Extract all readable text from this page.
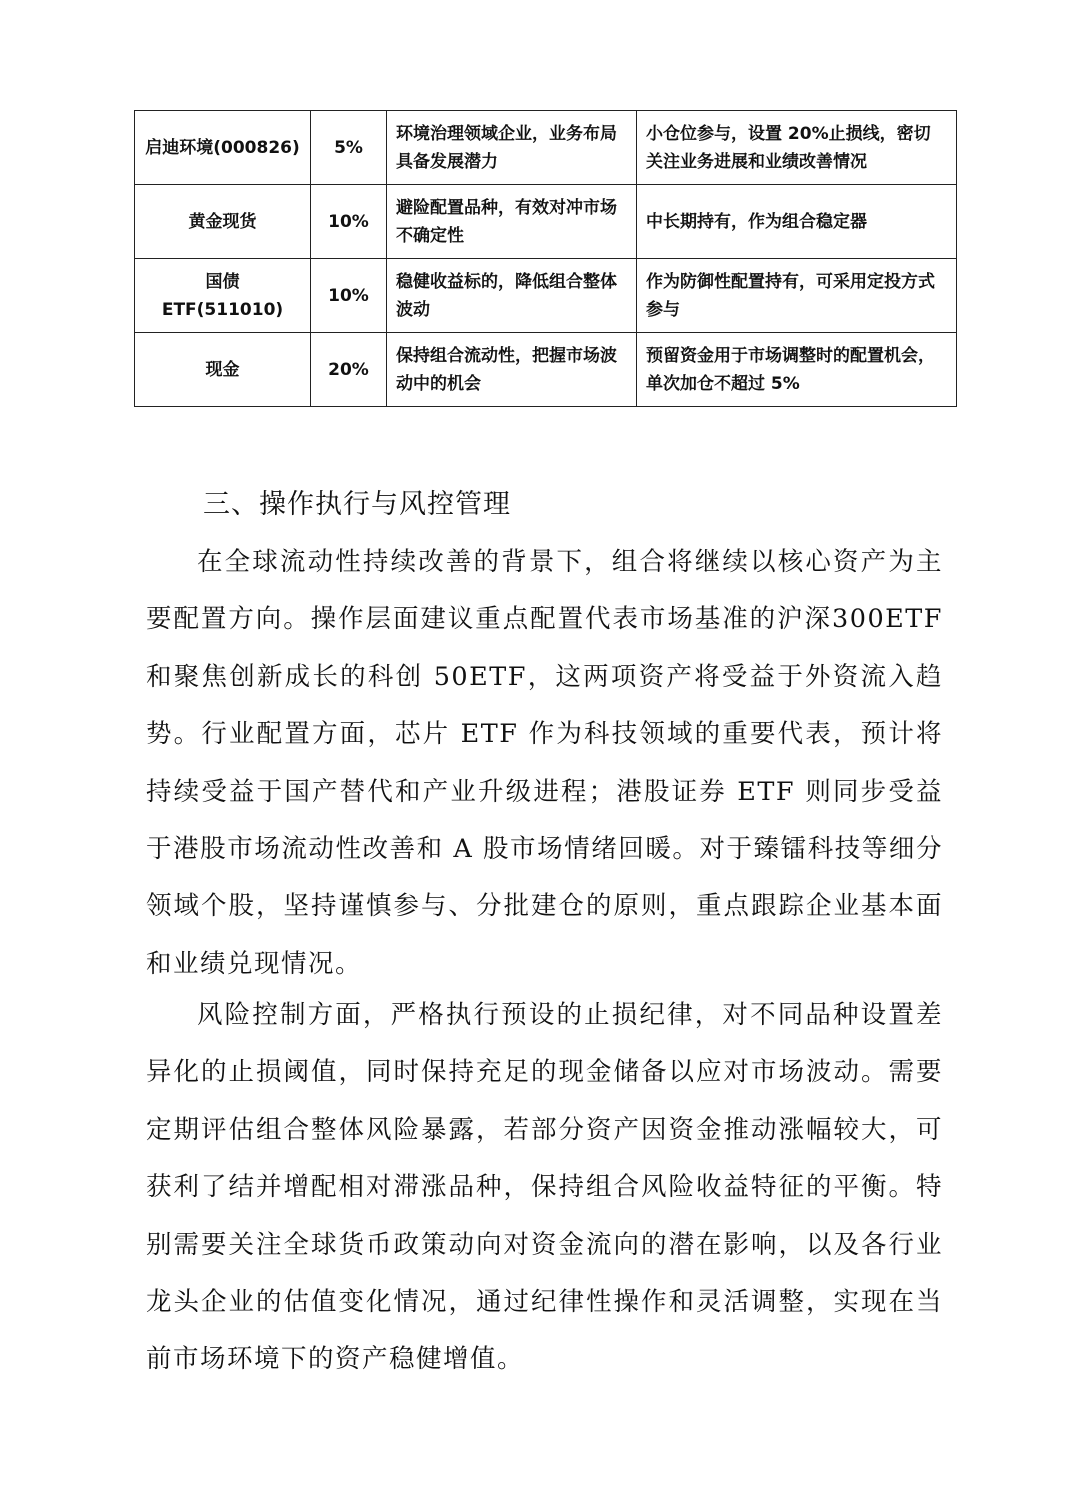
启迪环境(000826)	5%	环境治理领域企业，业务布局具备发展潜力	小仓位参与，设置 20%止损线，密切关注业务进展和业绩改善情况
黄金现货	10%	避险配置品种，有效对冲市场不确定性	中长期持有，作为组合稳定器
国债 ETF(511010)	10%	稳健收益标的，降低组合整体波动	作为防御性配置持有，可采用定投方式参与
现金	20%	保持组合流动性，把握市场波动中的机会	预留资金用于市场调整时的配置机会，单次加仓不超过 5%
三、操作执行与风控管理

在全球流动性持续改善的背景下，组合将继续以核心资产为主要配置方向。操作层面建议重点配置代表市场基准的沪深300ETF 和聚焦创新成长的科创 50ETF，这两项资产将受益于外资流入趋势。行业配置方面，芯片 ETF 作为科技领域的重要代表，预计将持续受益于国产替代和产业升级进程；港股证券 ETF 则同步受益于港股市场流动性改善和 A 股市场情绪回暖。对于臻镭科技等细分领域个股，坚持谨慎参与、分批建仓的原则，重点跟踪企业基本面和业绩兑现情况。

风险控制方面，严格执行预设的止损纪律，对不同品种设置差异化的止损阈值，同时保持充足的现金储备以应对市场波动。需要定期评估组合整体风险暴露，若部分资产因资金推动涨幅较大，可获利了结并增配相对滞涨品种，保持组合风险收益特征的平衡。特别需要关注全球货币政策动向对资金流向的潜在影响，以及各行业龙头企业的估值变化情况，通过纪律性操作和灵活调整，实现在当前市场环境下的资产稳健增值。
